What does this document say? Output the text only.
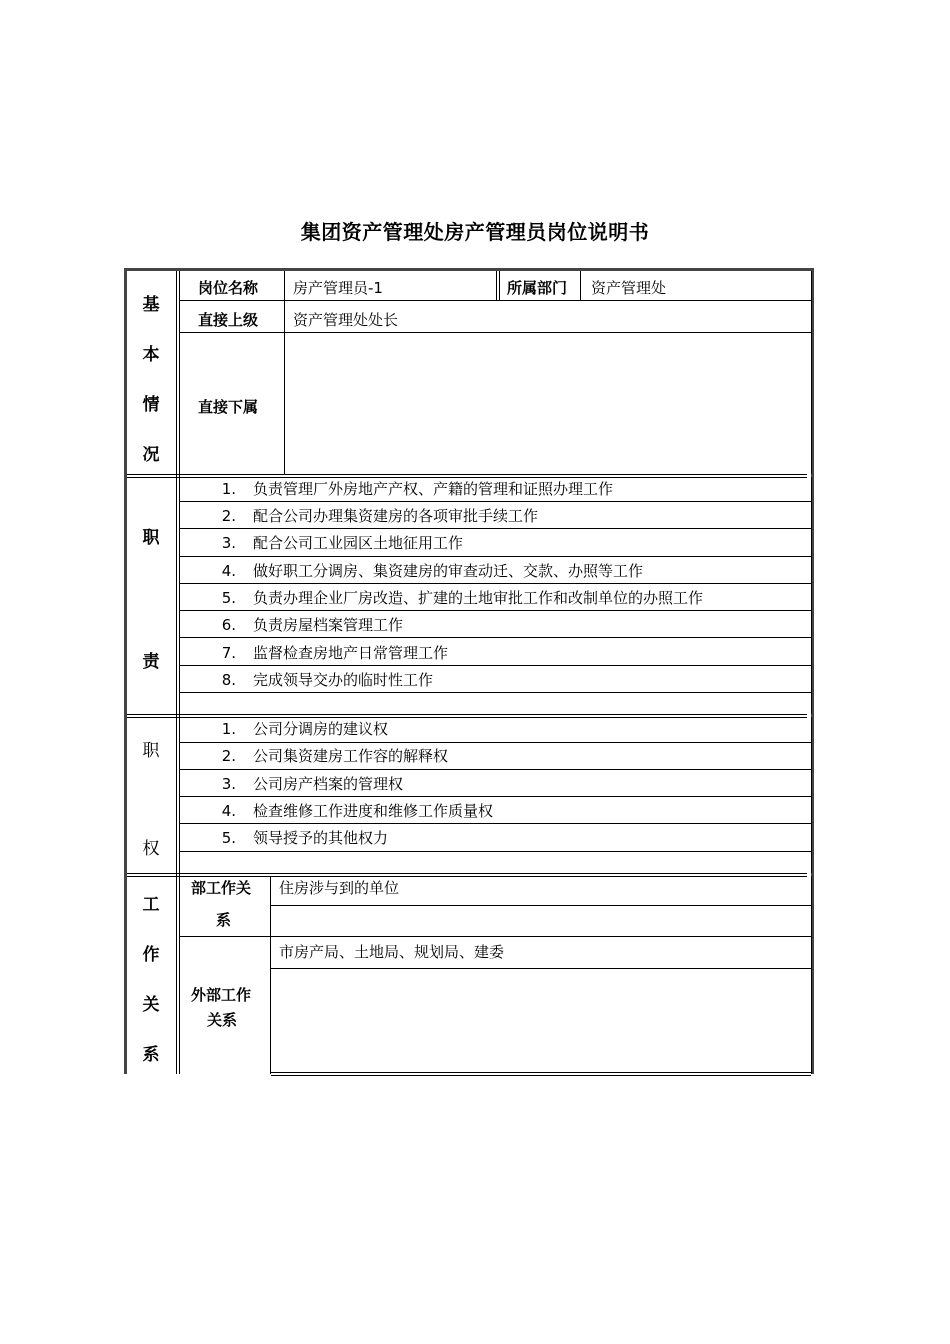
集团资产管理处房产管理员岗位说明书
基
本
情
况
职
责
职
权
工
作
关
系
岗位名称 房产管理员-1	所属部门 资产管理处
直接上级 资产管理处处长
直接下属
1. 负责管理厂外房地产产权、产籍的管理和证照办理工作
2. 配合公司办理集资建房的各项审批手续工作
3. 配合公司工业园区土地征用工作
4. 做好职工分调房、集资建房的审查动迁、交款、办照等工作
5. 负责办理企业厂房改造、扩建的土地审批工作和改制单位的办照工作
6. 负责房屋档案管理工作
7. 监督检查房地产日常管理工作
8. 完成领导交办的临时性工作
1. 公司分调房的建议权
2. 公司集资建房工作容的解释权
3. 公司房产档案的管理权
4. 检查维修工作进度和维修工作质量权
5. 领导授予的其他权力
部工作关
系
住房涉与到的单位
外部工作
关系
市房产局、土地局、规划局、建委
